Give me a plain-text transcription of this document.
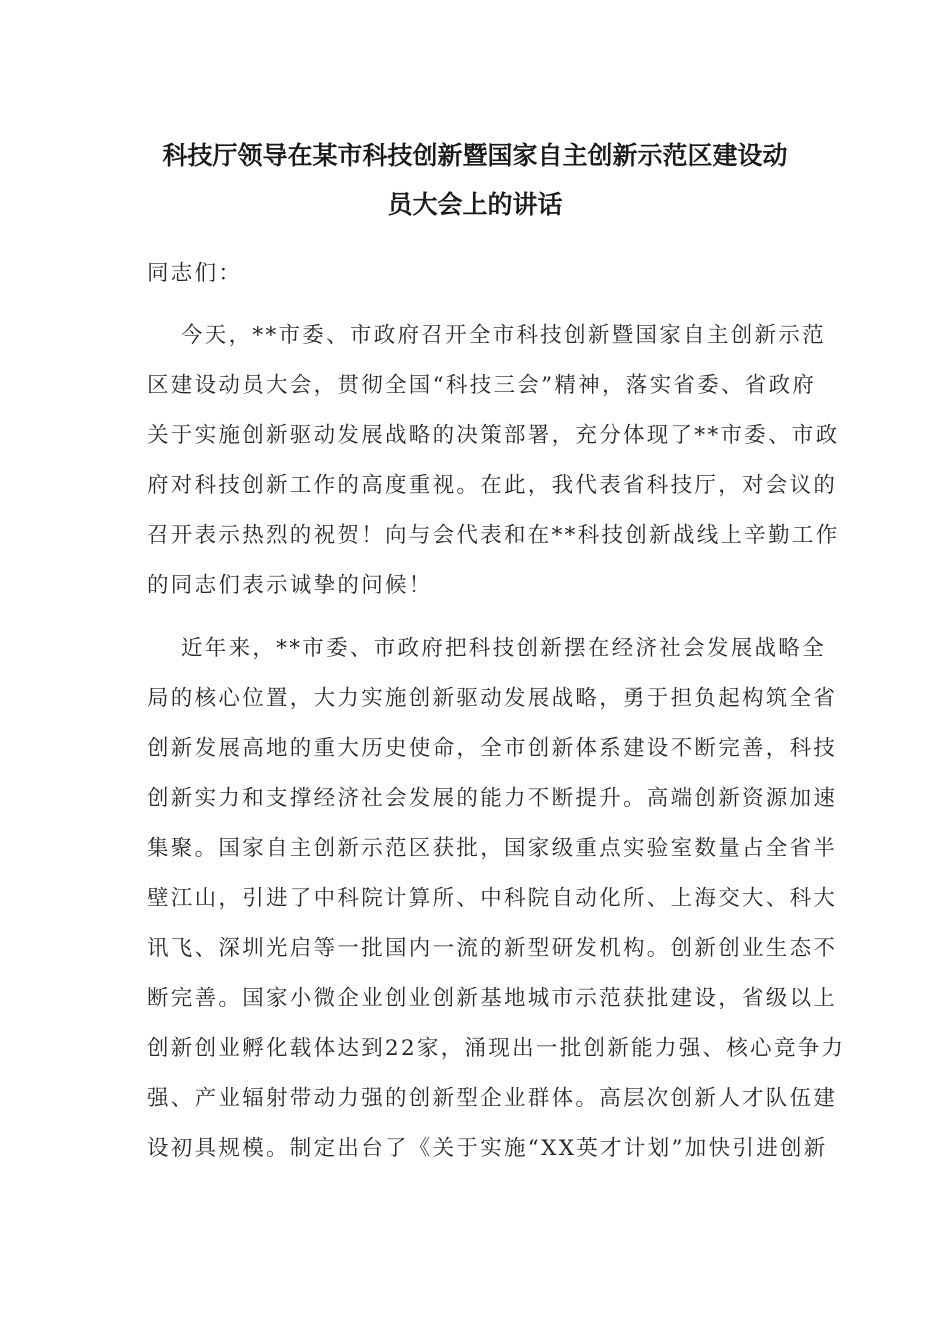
科技厅领导在某市科技创新暨国家自主创新示范区建设动
员大会上的讲话
同志们：
今天，**市委、市政府召开全市科技创新暨国家自主创新示范
区建设动员大会，贯彻全国“科技三会”精神，落实省委、省政府
关于实施创新驱动发展战略的决策部署，充分体现了**市委、市政
府对科技创新工作的高度重视。在此，我代表省科技厅，对会议的
召开表示热烈的祝贺！向与会代表和在**科技创新战线上辛勤工作
的同志们表示诚挚的问候！
近年来，**市委、市政府把科技创新摆在经济社会发展战略全
局的核心位置，大力实施创新驱动发展战略，勇于担负起构筑全省
创新发展高地的重大历史使命，全市创新体系建设不断完善，科技
创新实力和支撑经济社会发展的能力不断提升。高端创新资源加速
集聚。国家自主创新示范区获批，国家级重点实验室数量占全省半
壁江山，引进了中科院计算所、中科院自动化所、上海交大、科大
讯飞、深圳光启等一批国内一流的新型研发机构。创新创业生态不
断完善。国家小微企业创业创新基地城市示范获批建设，省级以上
创新创业孵化载体达到22家，涌现出一批创新能力强、核心竞争力
强、产业辐射带动力强的创新型企业群体。高层次创新人才队伍建
设初具规模。制定出台了《关于实施“XX英才计划”加快引进创新
